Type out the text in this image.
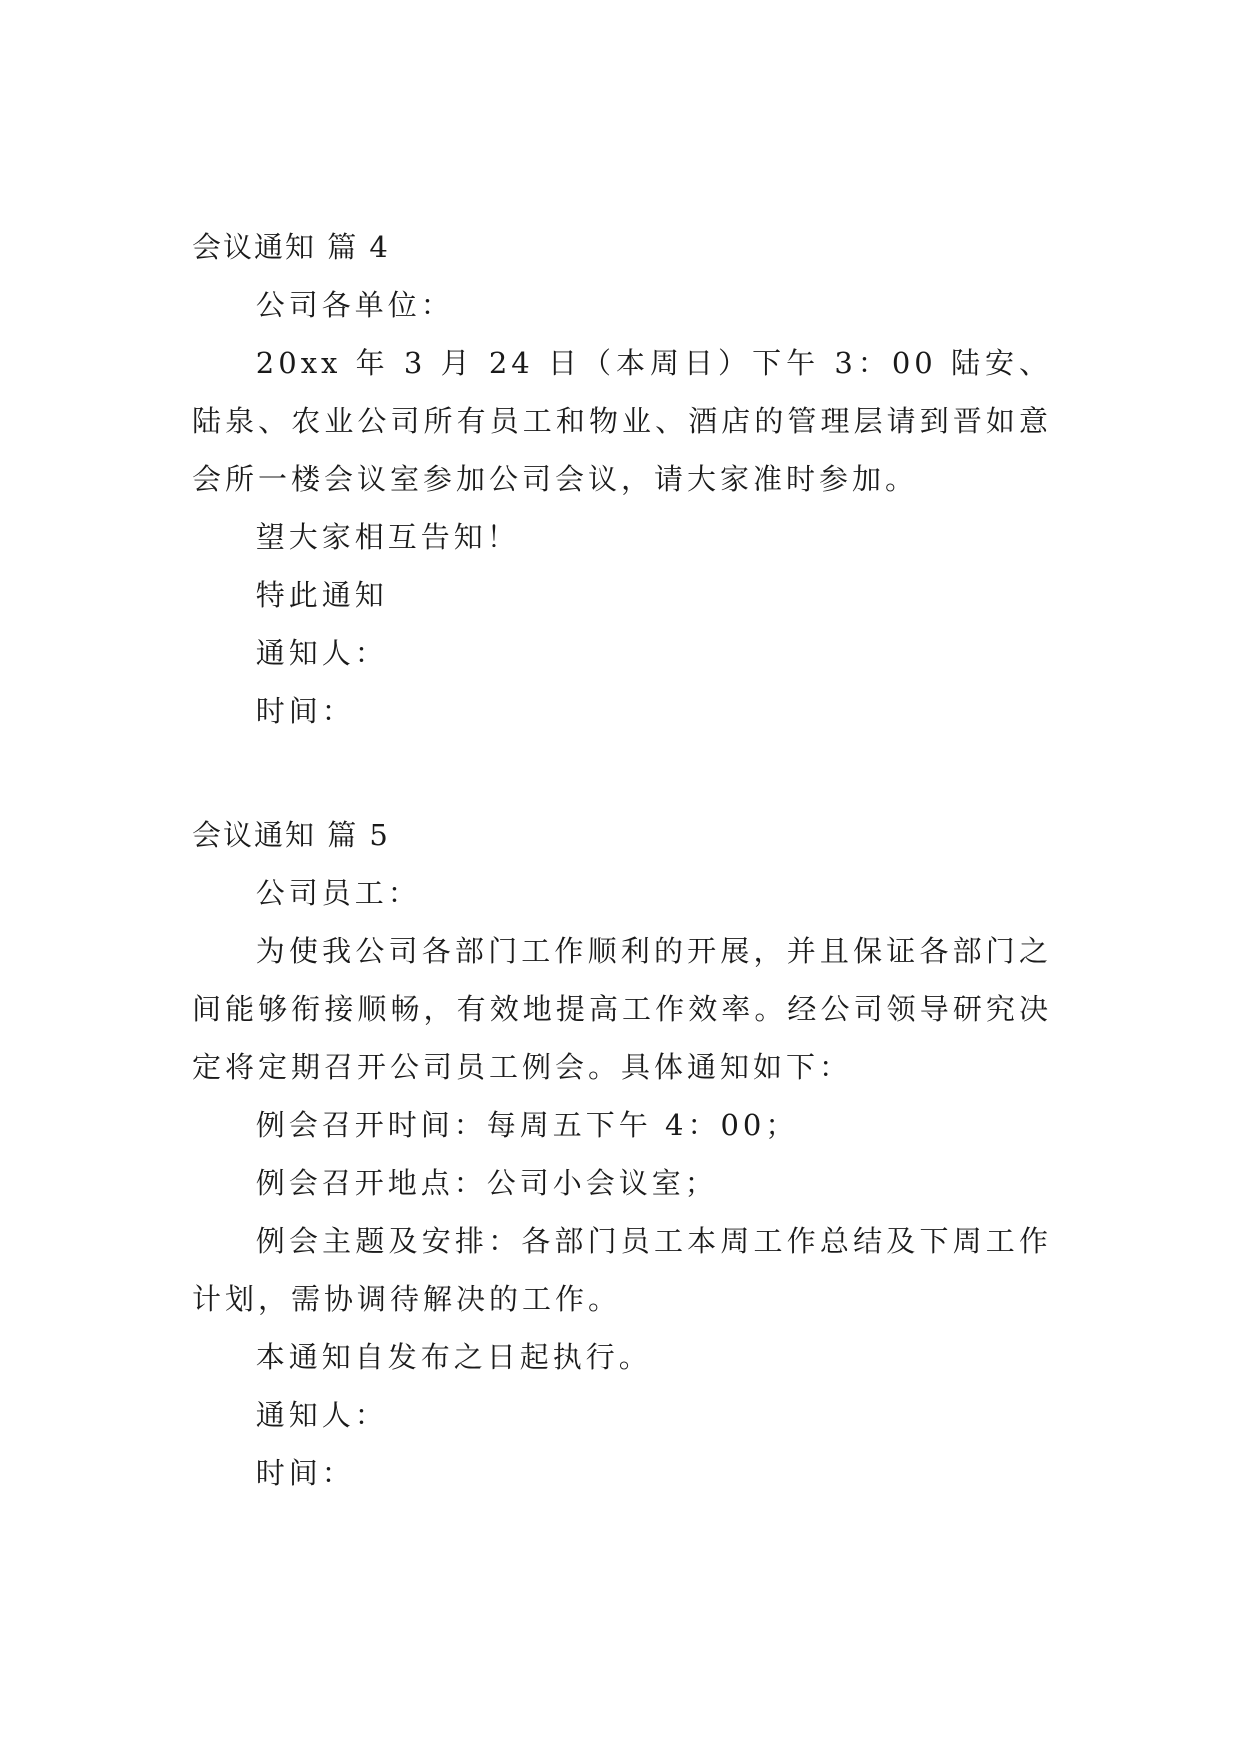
会议通知 篇 4

公司各单位：

20xx 年 3 月 24 日（本周日）下午 3：00 陆安、陆泉、农业公司所有员工和物业、酒店的管理层请到晋如意会所一楼会议室参加公司会议，请大家准时参加。

望大家相互告知！

特此通知

通知人：

时间：

会议通知 篇 5

公司员工：

为使我公司各部门工作顺利的开展，并且保证各部门之间能够衔接顺畅，有效地提高工作效率。经公司领导研究决定将定期召开公司员工例会。具体通知如下：

例会召开时间：每周五下午 4：00；

例会召开地点：公司小会议室；

例会主题及安排：各部门员工本周工作总结及下周工作计划，需协调待解决的工作。

本通知自发布之日起执行。

通知人：

时间：
